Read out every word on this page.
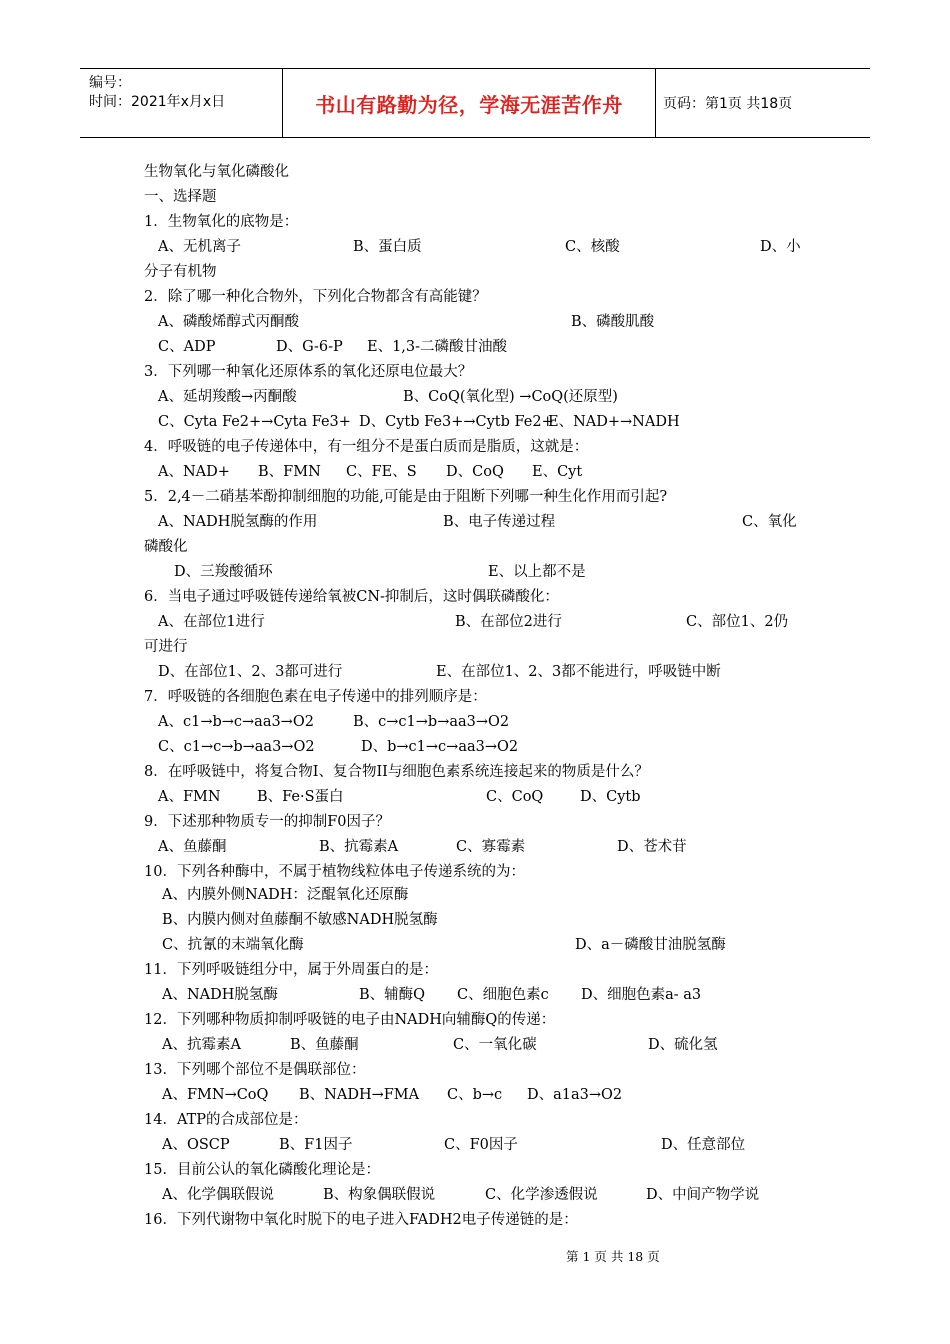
编号：
时间：2021年x月x日	书山有路勤为径，学海无涯苦作舟	页码：第1页 共18页
生物氧化与氧化磷酸化
一、选择题
1．生物氧化的底物是：
A、无机离子	B、蛋白质	C、核酸	D、小
分子有机物
2．除了哪一种化合物外，下列化合物都含有高能键？
A、磷酸烯醇式丙酮酸	B、磷酸肌酸
C、ADP	D、G-6-P E、1,3-二磷酸甘油酸
3．下列哪一种氧化还原体系的氧化还原电位最大？
A、延胡羧酸→丙酮酸	B、CoQ(氧化型) →CoQ(还原型)
C、Cyta Fe2+→Cyta Fe3+ D、Cytb Fe3+→Cytb Fe2+
E、NAD+→NADH
4．呼吸链的电子传递体中，有一组分不是蛋白质而是脂质，这就是：
A、NAD+ B、FMN C、FE、S D、CoQ E、Cyt
5．2,4－二硝基苯酚抑制细胞的功能,可能是由于阻断下列哪一种生化作用而引起?
A、NADH脱氢酶的作用	B、电子传递过程	C、氧化
磷酸化
D、三羧酸循环	E、以上都不是
6．当电子通过呼吸链传递给氧被CN-抑制后，这时偶联磷酸化：
A、在部位1进行	B、在部位2进行	C、部位1、2仍
可进行
D、在部位1、2、3都可进行	E、在部位1、2、3都不能进行，呼吸链中断
7．呼吸链的各细胞色素在电子传递中的排列顺序是：
A、c1→b→c→aa3→O2	B、c→c1→b→aa3→O2
C、c1→c→b→aa3→O2	D、b→c1→c→aa3→O2
8．在呼吸链中，将复合物I、复合物II与细胞色素系统连接起来的物质是什么？
A、FMN	B、Fe·S蛋白	C、CoQ	D、Cytb
9．下述那种物质专一的抑制F0因子？
A、鱼藤酮	B、抗霉素A	C、寡霉素	D、苍术苷
10．下列各种酶中，不属于植物线粒体电子传递系统的为：
A、内膜外侧NADH：泛醌氧化还原酶
B、内膜内侧对鱼藤酮不敏感NADH脱氢酶
C、抗氰的末端氧化酶	D、a－磷酸甘油脱氢酶
11．下列呼吸链组分中，属于外周蛋白的是：
A、NADH脱氢酶	B、辅酶Q C、细胞色素c D、细胞色素a- a3
12．下列哪种物质抑制呼吸链的电子由NADH向辅酶Q的传递：
A、抗霉素A	B、鱼藤酮	C、一氧化碳	D、硫化氢
13．下列哪个部位不是偶联部位：
A、FMN→CoQ B、NADH→FMA C、b→c D、a1a3→O2
14．ATP的合成部位是：
A、OSCP	B、F1因子	C、F0因子	D、任意部位
15．目前公认的氧化磷酸化理论是：
A、化学偶联假说	B、构象偶联假说	C、化学渗透假说	D、中间产物学说
16．下列代谢物中氧化时脱下的电子进入FADH2电子传递链的是：
第 1 页 共 18 页
